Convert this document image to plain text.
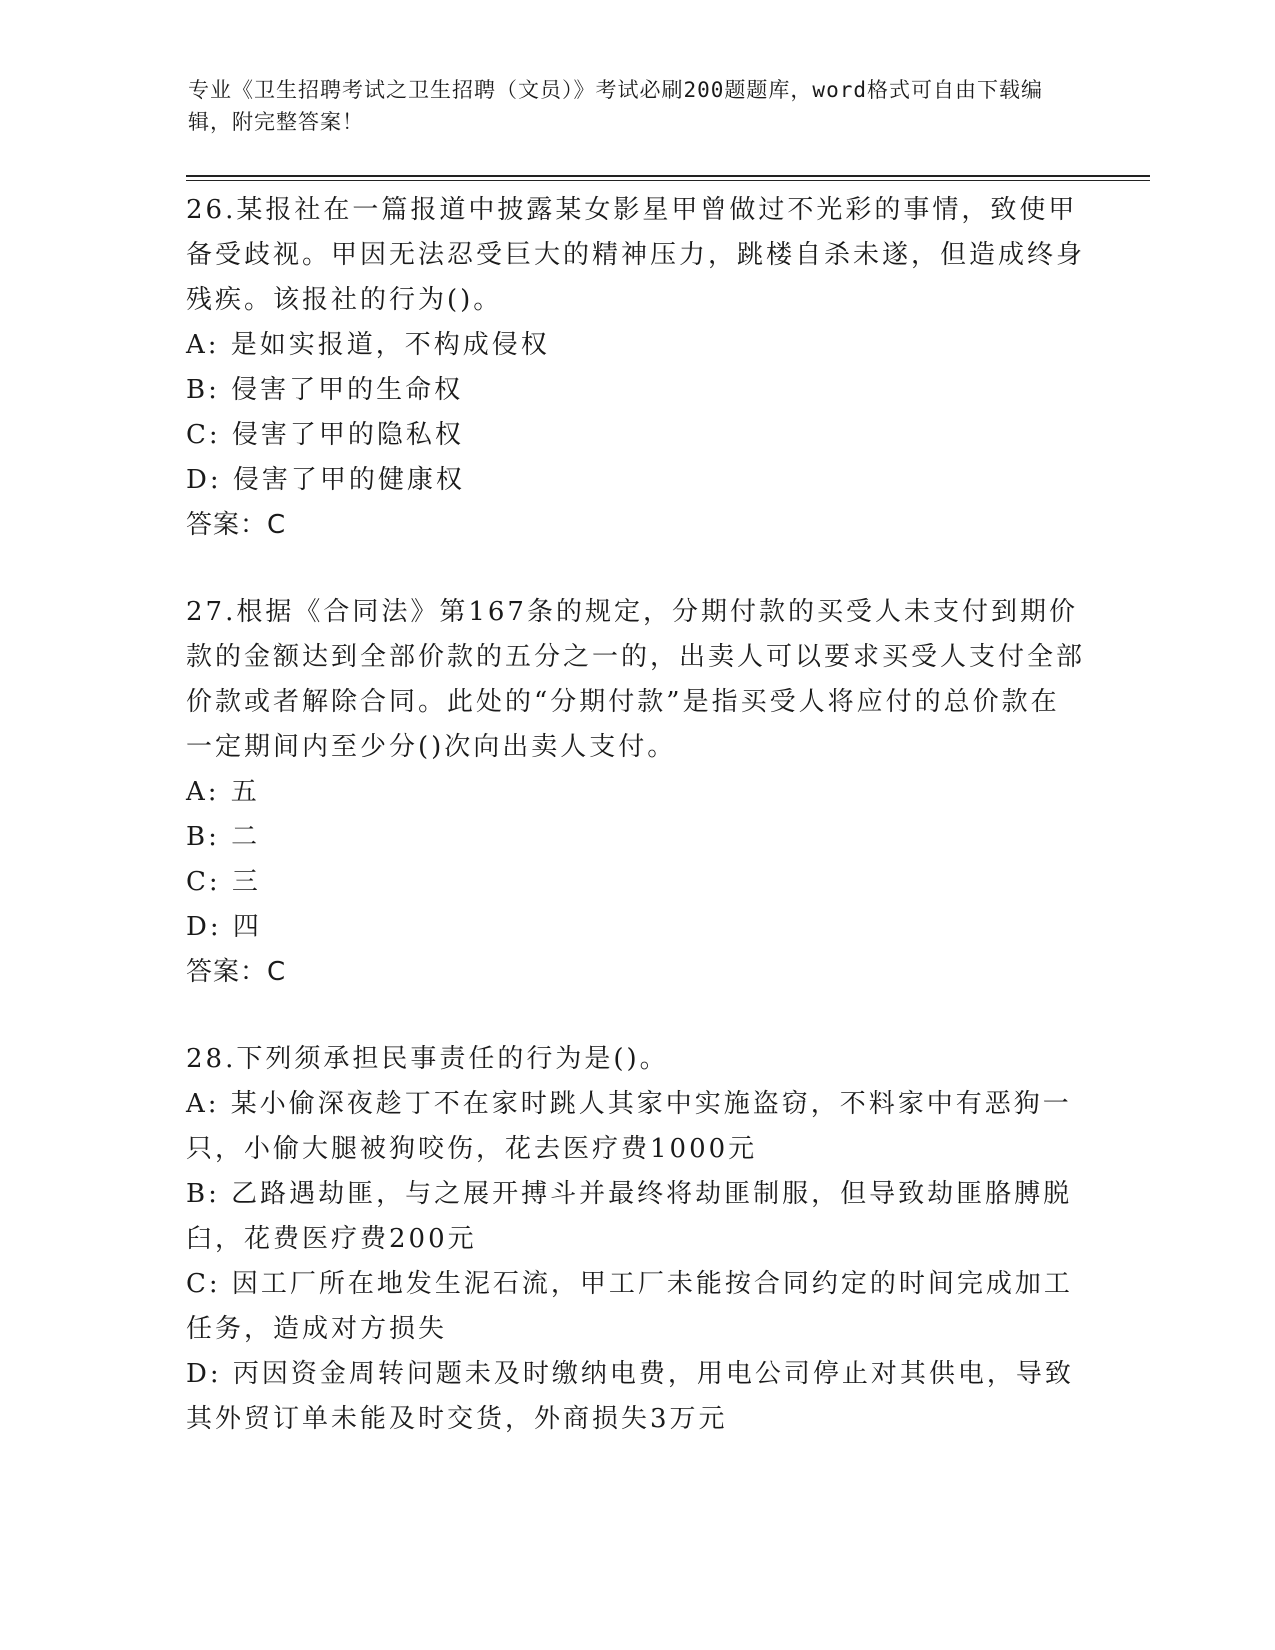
专业《卫生招聘考试之卫生招聘（文员）》考试必刷200题题库，word格式可自由下载编辑，附完整答案！

26.某报社在一篇报道中披露某女影星甲曾做过不光彩的事情，致使甲备受歧视。甲因无法忍受巨大的精神压力，跳楼自杀未遂，但造成终身残疾。该报社的行为()。

A: 是如实报道，不构成侵权

B: 侵害了甲的生命权

C: 侵害了甲的隐私权

D: 侵害了甲的健康权

答案：C

27.根据《合同法》第167条的规定，分期付款的买受人未支付到期价款的金额达到全部价款的五分之一的，出卖人可以要求买受人支付全部价款或者解除合同。此处的“分期付款”是指买受人将应付的总价款在一定期间内至少分()次向出卖人支付。

A: 五

B: 二

C: 三

D: 四

答案：C

28.下列须承担民事责任的行为是()。

A: 某小偷深夜趁丁不在家时跳人其家中实施盗窃，不料家中有恶狗一只，小偷大腿被狗咬伤，花去医疗费1000元

B: 乙路遇劫匪，与之展开搏斗并最终将劫匪制服，但导致劫匪胳膊脱臼，花费医疗费200元

C: 因工厂所在地发生泥石流，甲工厂未能按合同约定的时间完成加工任务，造成对方损失

D: 丙因资金周转问题未及时缴纳电费，用电公司停止对其供电，导致其外贸订单未能及时交货，外商损失3万元
